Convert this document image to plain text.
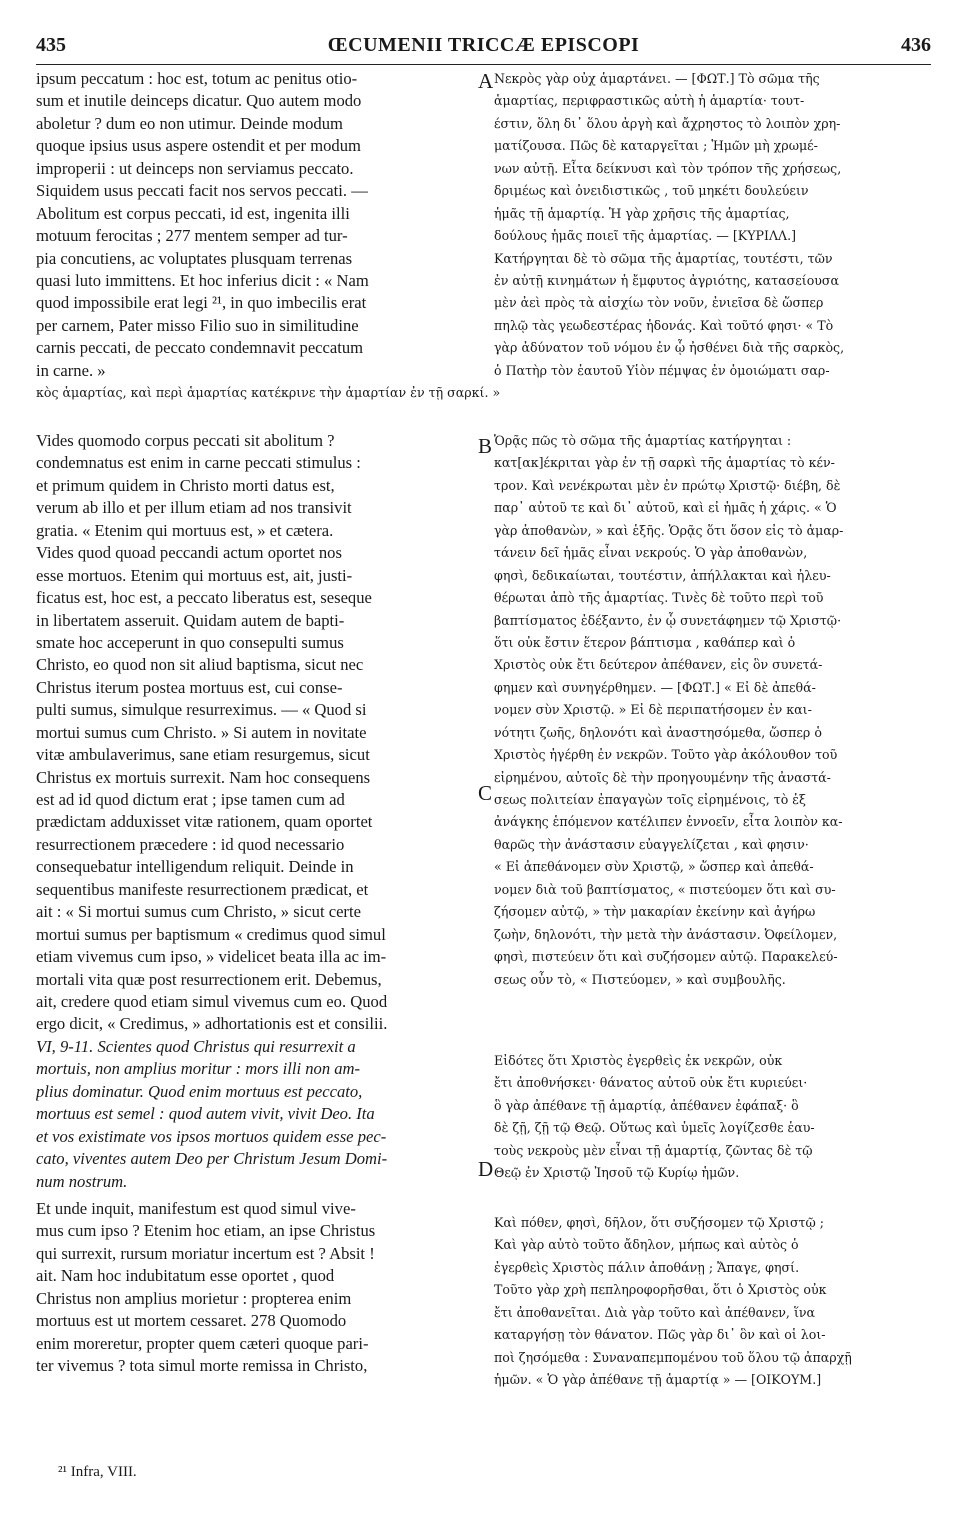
435	ŒCUMENII TRICCÆ EPISCOPI	436
A
B
C
D
ipsum peccatum : hoc est, totum ac penitus otio-
sum et inutile deinceps dicatur. Quo autem modo
aboletur ? dum eo non utimur. Deinde modum
quoque ipsius usus aspere ostendit et per modum
improperii : ut deinceps non serviamus peccato.
Siquidem usus peccati facit nos servos peccati. —
Abolitum est corpus peccati, id est, ingenita illi
motuum ferocitas ; 277 mentem semper ad tur-
pia concutiens, ac voluptates plusquam terrenas
quasi luto immittens. Et hoc inferius dicit : « Nam
quod impossibile erat legi ²¹, in quo imbecilis erat
per carnem, Pater misso Filio suo in similitudine
carnis peccati, de peccato condemnavit peccatum
in carne. »
Νεκρὸς γὰρ οὐχ ἁμαρτάνει. — [ΦΩΤ.] Τὸ σῶμα τῆς
ἁμαρτίας, περιφραστικῶς αὐτὴ ἡ ἁμαρτία· τουτ-
έστιν, ὅλη δι᾽ ὅλου ἀργὴ καὶ ἄχρηστος τὸ λοιπὸν χρη-
ματίζουσα. Πῶς δὲ καταργεῖται ; Ἡμῶν μὴ χρωμέ-
νων αὐτῇ. Εἶτα δείκνυσι καὶ τὸν τρόπον τῆς χρήσεως,
δριμέως καὶ ὀνειδιστικῶς , τοῦ μηκέτι δουλεύειν
ἡμᾶς τῇ ἁμαρτίᾳ. Ἡ γὰρ χρῆσις τῆς ἁμαρτίας,
δούλους ἡμᾶς ποιεῖ τῆς ἁμαρτίας. — [ΚΥΡΙΛΛ.]
Κατήργηται δὲ τὸ σῶμα τῆς ἁμαρτίας, τουτέστι, τῶν
ἐν αὐτῇ κινημάτων ἡ ἔμφυτος ἀγριότης, κατασείουσα
μὲν ἀεὶ πρὸς τὰ αἰσχίω τὸν νοῦν, ἐνιεῖσα δὲ ὥσπερ
πηλῷ τὰς γεωδεστέρας ἡδονάς. Καὶ τοῦτό φησι· « Τὸ
γὰρ ἀδύνατον τοῦ νόμου ἐν ᾧ ἠσθένει διὰ τῆς σαρκὸς,
ὁ Πατὴρ τὸν ἑαυτοῦ Υἱὸν πέμψας ἐν ὁμοιώματι σαρ-
κὸς ἁμαρτίας, καὶ περὶ ἁμαρτίας κατέκρινε τὴν ἁμαρτίαν ἐν τῇ σαρκί. »
Vides quomodo corpus peccati sit abolitum ?
condemnatus est enim in carne peccati stimulus :
et primum quidem in Christo morti datus est,
verum ab illo et per illum etiam ad nos transivit
gratia. « Etenim qui mortuus est, » et cætera.
Vides quod quoad peccandi actum oportet nos
esse mortuos. Etenim qui mortuus est, ait, justi-
ficatus est, hoc est, a peccato liberatus est, seseque
in libertatem asseruit. Quidam autem de bapti-
smate hoc acceperunt in quo consepulti sumus
Christo, eo quod non sit aliud baptisma, sicut nec
Christus iterum postea mortuus est, cui conse-
pulti sumus, simulque resurreximus. — « Quod si
mortui sumus cum Christo. » Si autem in novitate
vitæ ambulaverimus, sane etiam resurgemus, sicut
Christus ex mortuis surrexit. Nam hoc consequens
est ad id quod dictum erat ; ipse tamen cum ad
prædictam adduxisset vitæ rationem, quam oportet
resurrectionem præcedere : id quod necessario
consequebatur intelligendum reliquit. Deinde in
sequentibus manifeste resurrectionem prædicat, et
ait : « Si mortui sumus cum Christo, » sicut certe
mortui sumus per baptismum « credimus quod simul
etiam vivemus cum ipso, » videlicet beata illa ac im-
mortali vita quæ post resurrectionem erit. Debemus,
ait, credere quod etiam simul vivemus cum eo. Quod
ergo dicit, « Credimus, » adhortationis est et consilii.
Ὁρᾷς πῶς τὸ σῶμα τῆς ἁμαρτίας κατήργηται :
κατ[ακ]έκριται γὰρ ἐν τῇ σαρκὶ τῆς ἁμαρτίας τὸ κέν-
τρον. Καὶ νενέκρωται μὲν ἐν πρώτῳ Χριστῷ· διέβη, δὲ
παρ᾽ αὐτοῦ τε καὶ δι᾽ αὐτοῦ, καὶ εἰ ἡμᾶς ἡ χάρις. « Ὁ
γὰρ ἀποθανὼν, » καὶ ἑξῆς. Ὁρᾷς ὅτι ὅσον εἰς τὸ ἁμαρ-
τάνειν δεῖ ἡμᾶς εἶναι νεκρούς. Ὁ γὰρ ἀποθανὼν,
φησὶ, δεδικαίωται, τουτέστιν, ἀπήλλακται καὶ ἠλευ-
θέρωται ἀπὸ τῆς ἁμαρτίας. Τινὲς δὲ τοῦτο περὶ τοῦ
βαπτίσματος ἐδέξαντο, ἐν ᾧ συνετάφημεν τῷ Χριστῷ·
ὅτι οὐκ ἔστιν ἕτερον βάπτισμα , καθάπερ καὶ ὁ
Χριστὸς οὐκ ἔτι δεύτερον ἀπέθανεν, εἰς ὃν συνετά-
φημεν καὶ συνηγέρθημεν. — [ΦΩΤ.] « Εἰ δὲ ἀπεθά-
νομεν σὺν Χριστῷ. » Εἰ δὲ περιπατήσομεν ἐν και-
νότητι ζωῆς, δηλονότι καὶ ἀναστησόμεθα, ὥσπερ ὁ
Χριστὸς ἠγέρθη ἐν νεκρῶν. Τοῦτο γὰρ ἀκόλουθον τοῦ
εἰρημένου, αὐτοῖς δὲ τὴν προηγουμένην τῆς ἀναστά-
σεως πολιτείαν ἐπαγαγὼν τοῖς εἰρημένοις, τὸ ἐξ
ἀνάγκης ἑπόμενον κατέλιπεν ἐννοεῖν, εἶτα λοιπὸν κα-
θαρῶς τὴν ἀνάστασιν εὐαγγελίζεται , καὶ φησιν·
« Εἰ ἀπεθάνομεν σὺν Χριστῷ, » ὥσπερ καὶ ἀπεθά-
νομεν διὰ τοῦ βαπτίσματος, « πιστεύομεν ὅτι καὶ συ-
ζήσομεν αὐτῷ, » τὴν μακαρίαν ἐκείνην καὶ ἀγήρω
ζωὴν, δηλονότι, τὴν μετὰ τὴν ἀνάστασιν. Ὀφείλομεν,
φησὶ, πιστεύειν ὅτι καὶ συζήσομεν αὐτῷ. Παρακελεύ-
σεως οὖν τὸ, « Πιστεύομεν, » καὶ συμβουλῆς.
VI, 9-11. Scientes quod Christus qui resurrexit a
mortuis, non amplius moritur : mors illi non am-
plius dominatur. Quod enim mortuus est peccato,
mortuus est semel : quod autem vivit, vivit Deo. Ita
et vos existimate vos ipsos mortuos quidem esse pec-
cato, viventes autem Deo per Christum Jesum Domi-
num nostrum.
Εἰδότες ὅτι Χριστὸς ἐγερθεὶς ἐκ νεκρῶν, οὐκ
ἔτι ἀποθνήσκει· θάνατος αὐτοῦ οὐκ ἔτι κυριεύει·
ὃ γὰρ ἀπέθανε τῇ ἁμαρτίᾳ, ἀπέθανεν ἐφάπαξ· ὃ
δὲ ζῇ, ζῇ τῷ Θεῷ. Οὕτως καὶ ὑμεῖς λογίζεσθε ἑαυ-
τοὺς νεκροὺς μὲν εἶναι τῇ ἁμαρτίᾳ, ζῶντας δὲ τῷ
Θεῷ ἐν Χριστῷ Ἰησοῦ τῷ Κυρίῳ ἡμῶν.
Et unde inquit, manifestum est quod simul vive-
mus cum ipso ? Etenim hoc etiam, an ipse Christus
qui surrexit, rursum moriatur incertum est ? Absit !
ait. Nam hoc indubitatum esse oportet , quod
Christus non amplius morietur : propterea enim
mortuus est ut mortem cessaret. 278 Quomodo
enim moreretur, propter quem cæteri quoque pari-
ter vivemus ? tota simul morte remissa in Christo,
Καὶ πόθεν, φησὶ, δῆλον, ὅτι συζήσομεν τῷ Χριστῷ ;
Καὶ γὰρ αὐτὸ τοῦτο ἄδηλον, μήπως καὶ αὐτὸς ὁ
ἐγερθεὶς Χριστὸς πάλιν ἀποθάνῃ ; Ἄπαγε, φησί.
Τοῦτο γὰρ χρὴ πεπληροφορῆσθαι, ὅτι ὁ Χριστὸς οὐκ
ἔτι ἀποθανεῖται. Διὰ γὰρ τοῦτο καὶ ἀπέθανεν, ἵνα
καταργήσῃ τὸν θάνατον. Πῶς γὰρ δι᾽ ὃν καὶ οἱ λοι-
ποὶ ζησόμεθα : Συναναπεμπομένου τοῦ ὅλου τῷ ἀπαρχῇ
ἡμῶν. « Ὁ γὰρ ἀπέθανε τῇ ἁμαρτίᾳ » — [ΟΙΚΟΥΜ.]
²¹ Infra, VIII.
